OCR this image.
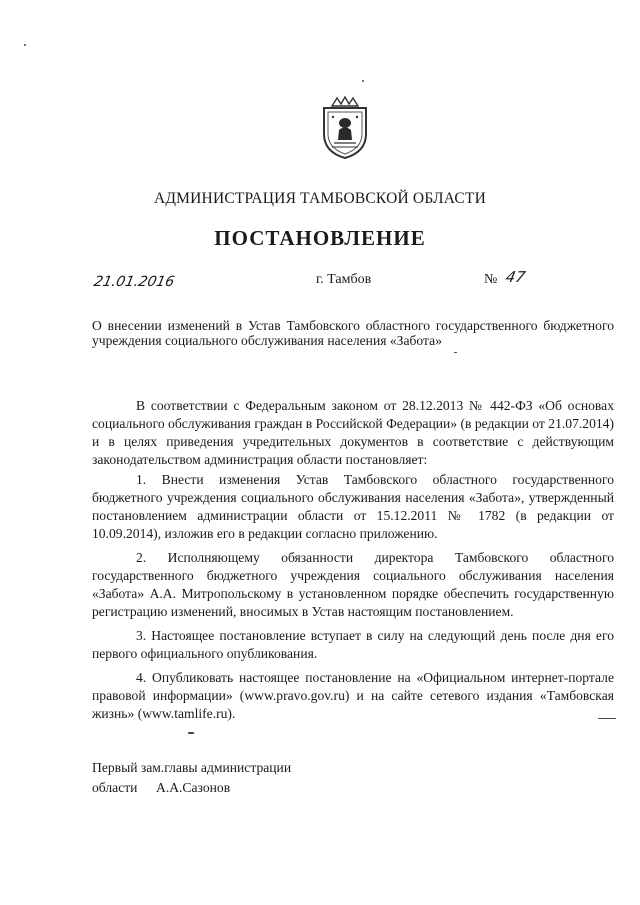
АДМИНИСТРАЦИЯ ТАМБОВСКОЙ ОБЛАСТИ
ПОСТАНОВЛЕНИЕ
21.01.2016	г. Тамбов	№ 47
О внесении изменений в Устав Тамбовского областного государственного бюджетного учреждения социального обслуживания населения «Забота»

В соответствии с Федеральным законом от 28.12.2013 № 442-ФЗ «Об основах социального обслуживания граждан в Российской Федерации» (в редакции от 21.07.2014) и в целях приведения учредительных документов в соответствие с действующим законодательством администрация области постановляет:

1. Внести изменения Устав Тамбовского областного государственного бюджетного учреждения социального обслуживания населения «Забота», утвержденный постановлением администрации области от 15.12.2011 № 1782 (в редакции от 10.09.2014), изложив его в редакции согласно приложению.

2. Исполняющему обязанности директора Тамбовского областного государственного бюджетного учреждения социального обслуживания населения «Забота» А.А. Митропольскому в установленном порядке обеспечить государственную регистрацию изменений, вносимых в Устав настоящим постановлением.

3. Настоящее постановление вступает в силу на следующий день после дня его первого официального опубликования.

4. Опубликовать настоящее постановление на «Официальном интернет-портале правовой информации» (www.pravo.gov.ru) и на сайте сетевого издания «Тамбовская жизнь» (www.tamlife.ru).

Первый зам.главы администрации
области А.А.Сазонов
